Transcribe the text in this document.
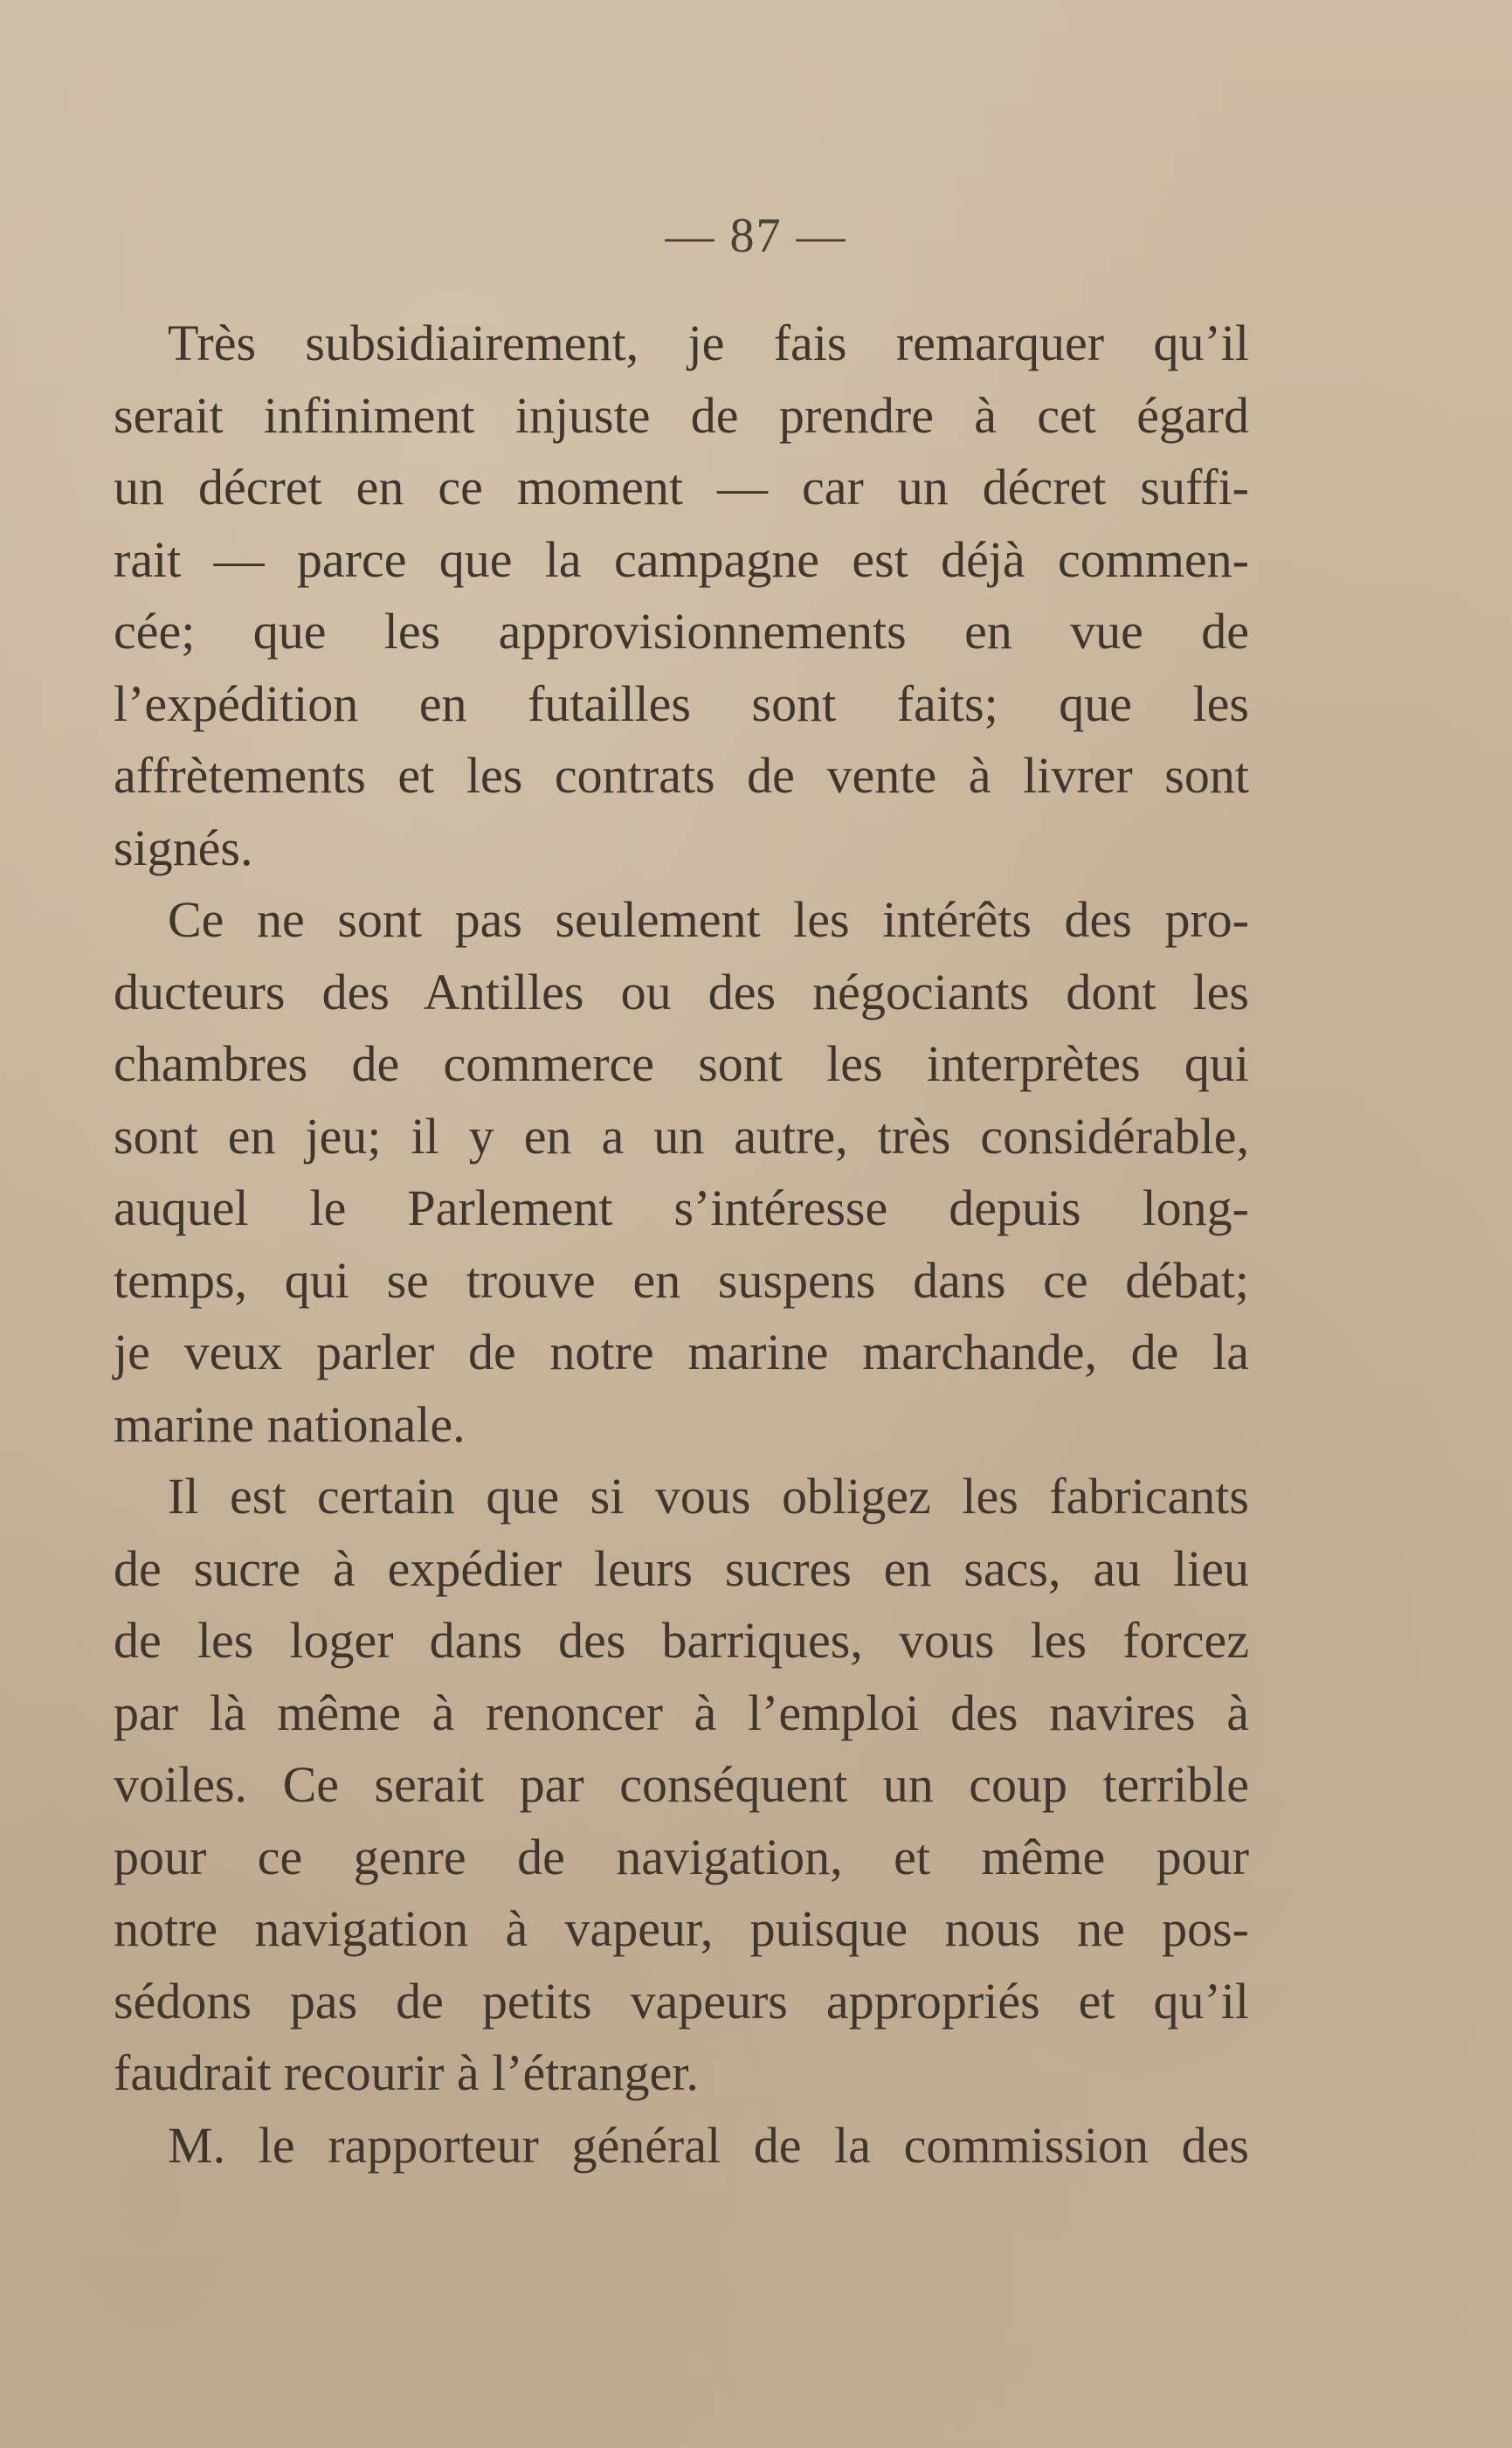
— 87 —
Très subsidiairement, je fais remarquer qu’il
serait infiniment injuste de prendre à cet égard
un décret en ce moment — car un décret suffi-
rait — parce que la campagne est déjà commen-
cée; que les approvisionnements en vue de
l’expédition en futailles sont faits; que les
affrètements et les contrats de vente à livrer sont
signés.
Ce ne sont pas seulement les intérêts des pro-
ducteurs des Antilles ou des négociants dont les
chambres de commerce sont les interprètes qui
sont en jeu; il y en a un autre, très considérable,
auquel le Parlement s’intéresse depuis long-
temps, qui se trouve en suspens dans ce débat;
je veux parler de notre marine marchande, de la
marine nationale.
Il est certain que si vous obligez les fabricants
de sucre à expédier leurs sucres en sacs, au lieu
de les loger dans des barriques, vous les forcez
par là même à renoncer à l’emploi des navires à
voiles. Ce serait par conséquent un coup terrible
pour ce genre de navigation, et même pour
notre navigation à vapeur, puisque nous ne pos-
sédons pas de petits vapeurs appropriés et qu’il
faudrait recourir à l’étranger.
M. le rapporteur général de la commission des
